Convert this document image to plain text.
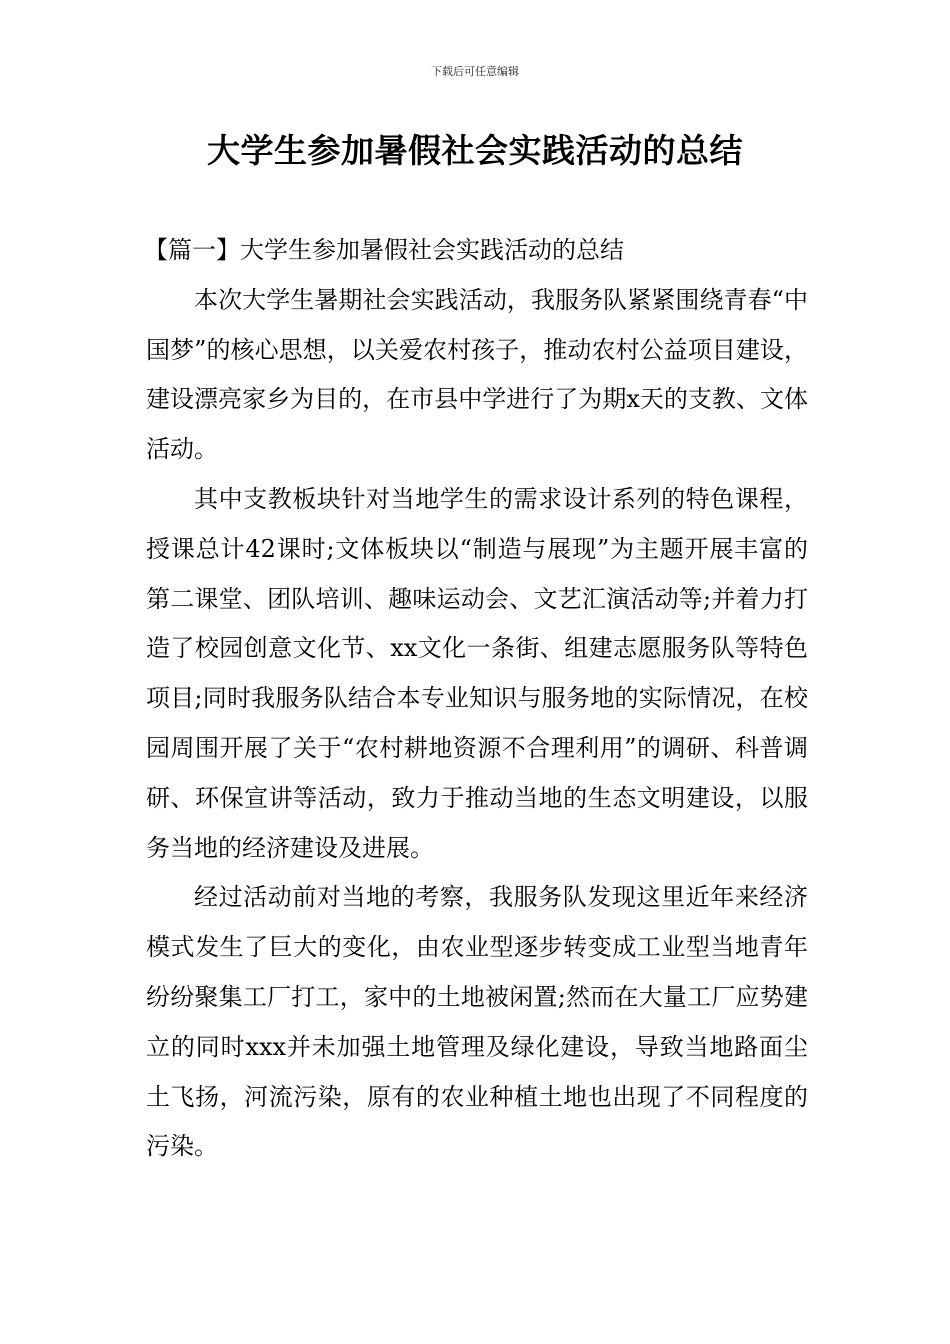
下载后可任意编辑
大学生参加暑假社会实践活动的总结
【篇一】大学生参加暑假社会实践活动的总结

本次大学生暑期社会实践活动，我服务队紧紧围绕青春“中国梦”的核心思想，以关爱农村孩子，推动农村公益项目建设，建设漂亮家乡为目的，在市县中学进行了为期x天的支教、文体活动。

其中支教板块针对当地学生的需求设计系列的特色课程，授课总计42课时;文体板块以“制造与展现”为主题开展丰富的第二课堂、团队培训、趣味运动会、文艺汇演活动等;并着力打造了校园创意文化节、xx文化一条街、组建志愿服务队等特色项目;同时我服务队结合本专业知识与服务地的实际情况，在校园周围开展了关于“农村耕地资源不合理利用”的调研、科普调研、环保宣讲等活动，致力于推动当地的生态文明建设，以服务当地的经济建设及进展。

经过活动前对当地的考察，我服务队发现这里近年来经济模式发生了巨大的变化，由农业型逐步转变成工业型当地青年纷纷聚集工厂打工，家中的土地被闲置;然而在大量工厂应势建立的同时xxx并未加强土地管理及绿化建设，导致当地路面尘土飞扬，河流污染，原有的农业种植土地也出现了不同程度的污染。
